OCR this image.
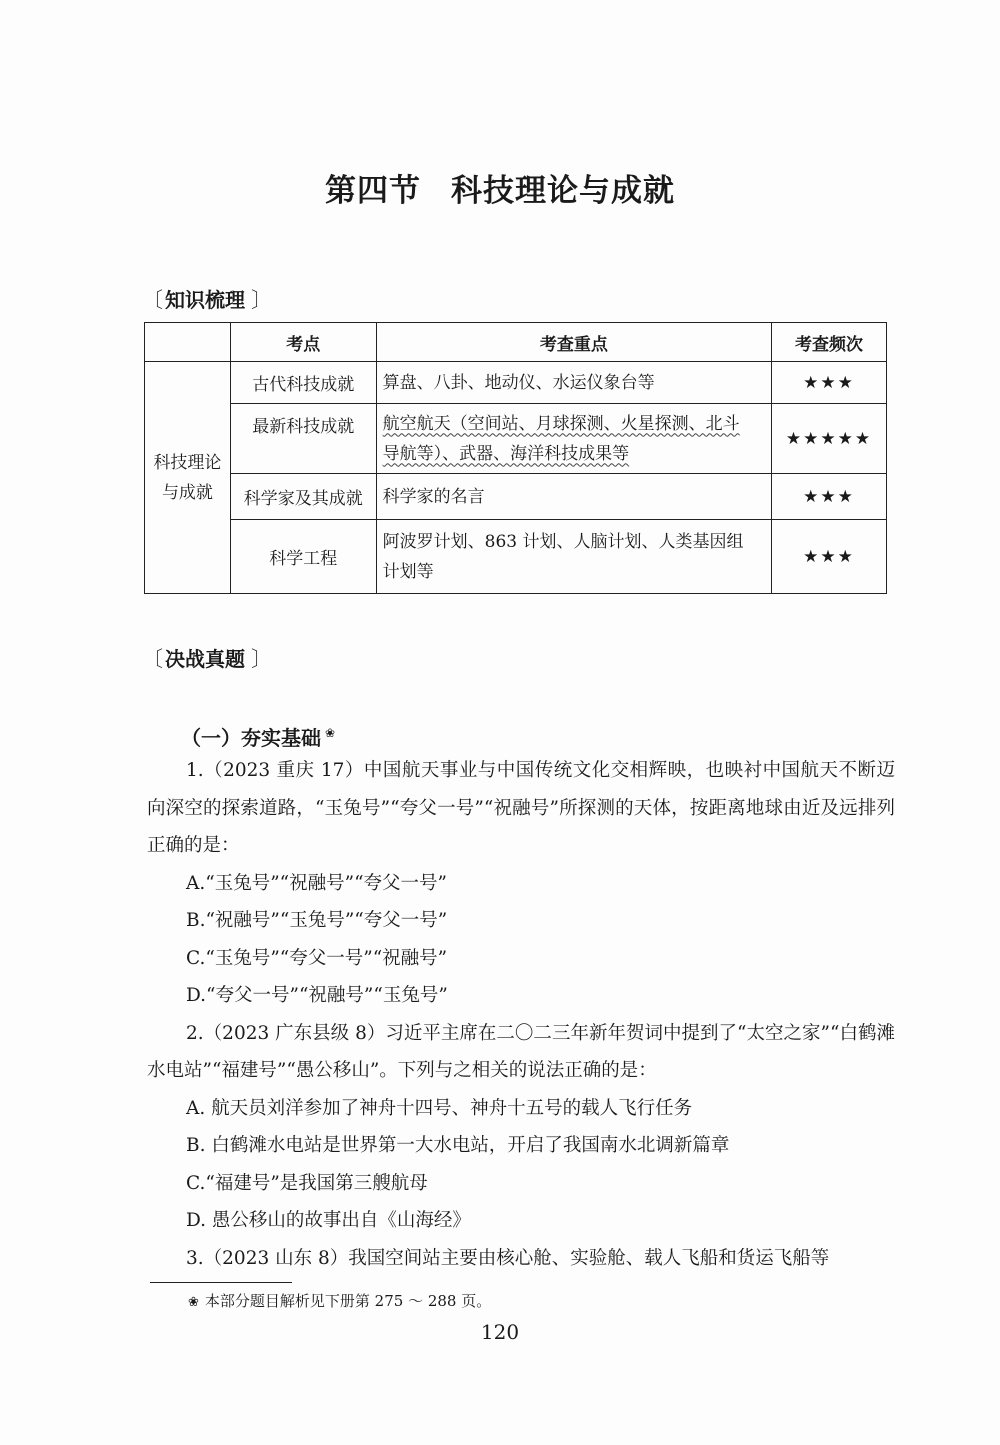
第四节 科技理论与成就
〔 知识梳理 〕
	考点	考查重点	考查频次

科技理论
与成就	古代科技成就	算盘、八卦、地动仪、水运仪象台等	★★★
	最新科技成就	航空航天（空间站、月球探测、火星探测、北斗
导航等）、武器、海洋科技成果等	★★★★★
	科学家及其成就	科学家的名言	★★★
	科学工程	阿波罗计划、863 计划、人脑计划、人类基因组
计划等	★★★
〔 决战真题 〕
（一）夯实基础 ❀

1.（2023 重庆 17）中国航天事业与中国传统文化交相辉映，也映衬中国航天不断迈向深空的探索道路，“玉兔号”“夸父一号”“祝融号”所探测的天体，按距离地球由近及远排列正确的是：

A.“玉兔号”“祝融号”“夸父一号”

B.“祝融号”“玉兔号”“夸父一号”

C.“玉兔号”“夸父一号”“祝融号”

D.“夸父一号”“祝融号”“玉兔号”

2.（2023 广东县级 8）习近平主席在二〇二三年新年贺词中提到了“太空之家”“白鹤滩水电站”“福建号”“愚公移山”。下列与之相关的说法正确的是：

A. 航天员刘洋参加了神舟十四号、神舟十五号的载人飞行任务

B. 白鹤滩水电站是世界第一大水电站，开启了我国南水北调新篇章

C.“福建号”是我国第三艘航母

D. 愚公移山的故事出自《山海经》

3.（2023 山东 8）我国空间站主要由核心舱、实验舱、载人飞船和货运飞船等

❀ 本部分题目解析见下册第 275 ～ 288 页。
120
